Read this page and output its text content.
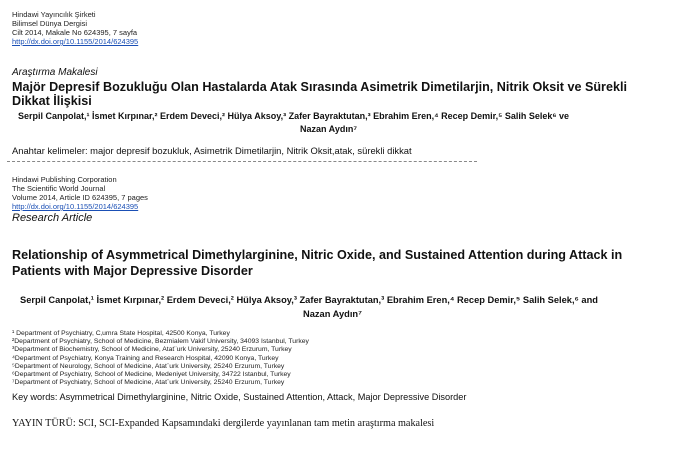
Hindawi Yayıncılık Şirketi
Bilimsel Dünya Dergisi
Cilt 2014, Makale No 624395, 7 sayfa
http://dx.doi.org/10.1155/2014/624395
Araştırma Makalesi
Majör Depresif Bozukluğu Olan Hastalarda Atak Sırasında Asimetrik Dimetilarjin, Nitrik Oksit ve Sürekli
Dikkat İlişkisi
Serpil Canpolat,¹ İsmet Kırpınar,² Erdem Deveci,² Hülya Aksoy,³ Zafer Bayraktutan,³ Ebrahim Eren,⁴ Recep Demir,⁵ Salih Selek⁶ ve
Nazan Aydın⁷
Anahtar kelimeler: major depresif bozukluk, Asimetrik Dimetilarjin, Nitrik Oksit,atak, sürekli dikkat
Hindawi Publishing Corporation
The Scientific World Journal
Volume 2014, Article ID 624395, 7 pages
http://dx.doi.org/10.1155/2014/624395
Research Article
Relationship of Asymmetrical Dimethylarginine, Nitric Oxide, and Sustained Attention during Attack in
Patients with Major Depressive Disorder
Serpil Canpolat,¹ İsmet Kırpınar,² Erdem Deveci,² Hülya Aksoy,³ Zafer Bayraktutan,³ Ebrahim Eren,⁴ Recep Demir,⁵ Salih Selek,⁶ and
Nazan Aydın⁷
¹ Department of Psychiatry, C‚umra State Hospital, 42500 Konya, Turkey
²Department of Psychiatry, School of Medicine, Bezmialem Vakif University, 34093 Istanbul, Turkey
³Department of Biochemistry, School of Medicine, Atat¨urk University, 25240 Erzurum, Turkey
⁴Department of Psychiatry, Konya Training and Research Hospital, 42090 Konya, Turkey
⁵Department of Neurology, School of Medicine, Atat¨urk University, 25240 Erzurum, Turkey
⁶Department of Psychiatry, School of Medicine, Medeniyet University, 34722 Istanbul, Turkey
⁷Department of Psychiatry, School of Medicine, Atat¨urk University, 25240 Erzurum, Turkey
Key words: Asymmetrical Dimethylarginine, Nitric Oxide, Sustained Attention, Attack, Major Depressive Disorder
YAYIN TÜRÜ: SCI, SCI-Expanded Kapsamındaki dergilerde yayınlanan tam metin araştırma makalesi
